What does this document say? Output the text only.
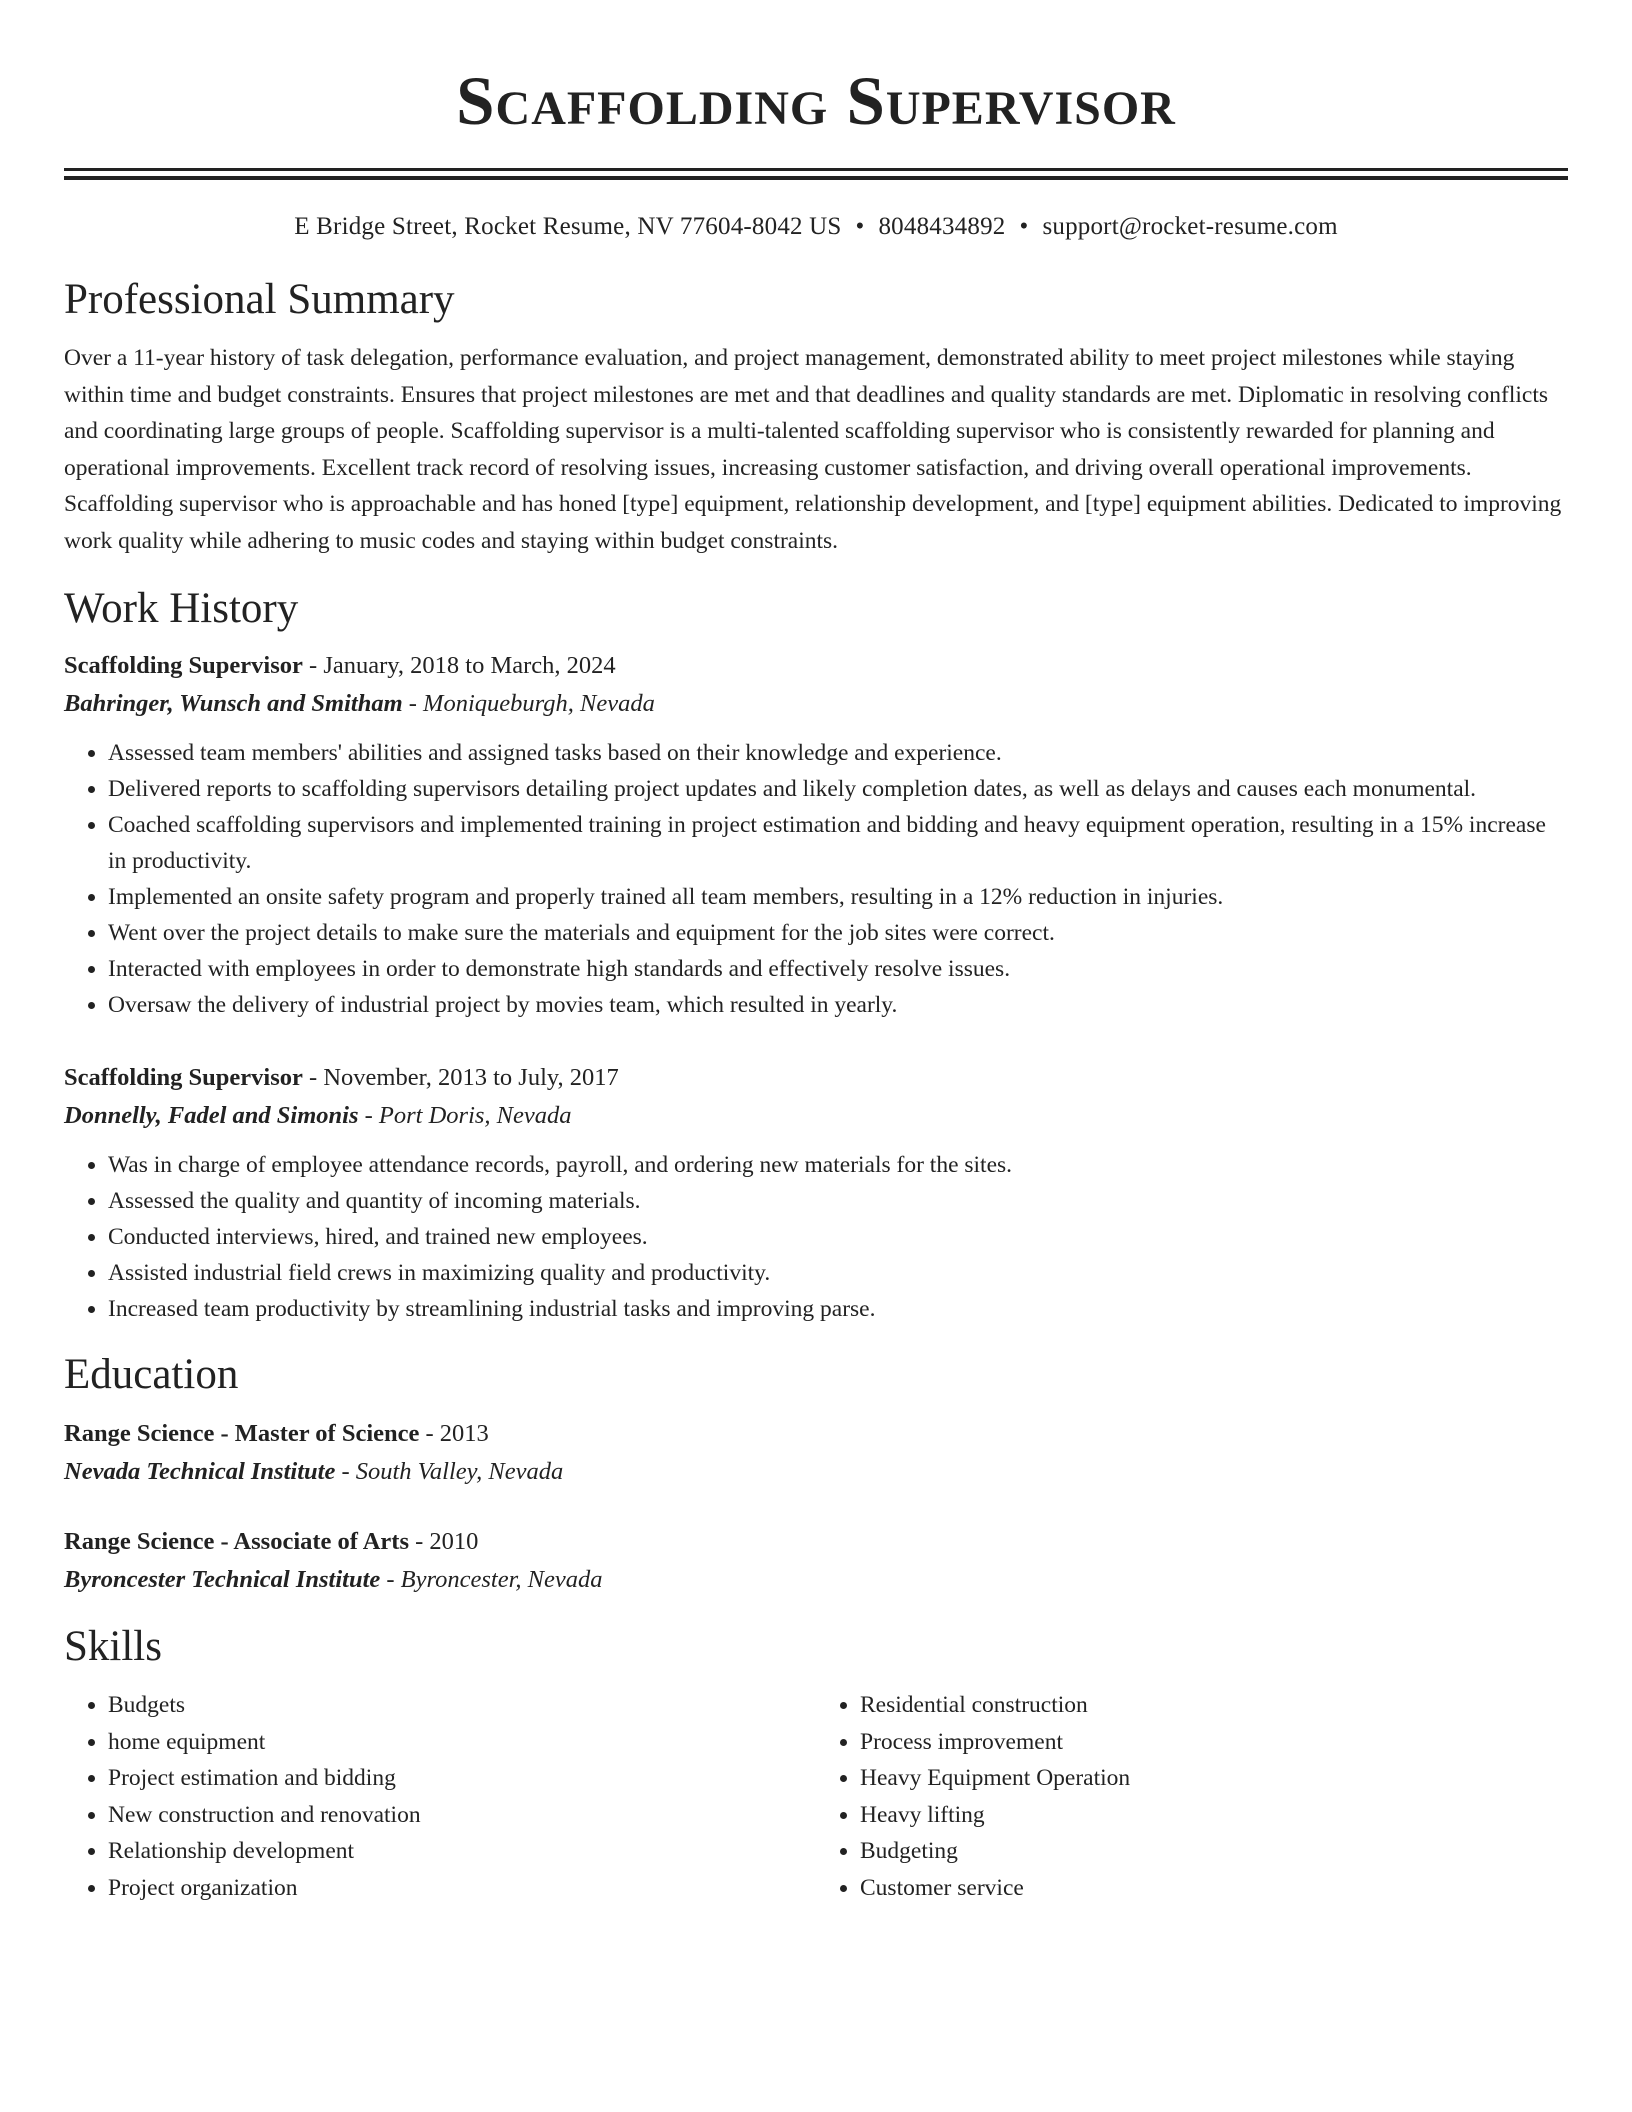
Scaffolding Supervisor
E Bridge Street, Rocket Resume, NV 77604-8042 US • 8048434892 • support@rocket-resume.com
Professional Summary
Over a 11-year history of task delegation, performance evaluation, and project management, demonstrated ability to meet project milestones while staying within time and budget constraints. Ensures that project milestones are met and that deadlines and quality standards are met. Diplomatic in resolving conflicts and coordinating large groups of people. Scaffolding supervisor is a multi-talented scaffolding supervisor who is consistently rewarded for planning and operational improvements. Excellent track record of resolving issues, increasing customer satisfaction, and driving overall operational improvements. Scaffolding supervisor who is approachable and has honed [type] equipment, relationship development, and [type] equipment abilities. Dedicated to improving work quality while adhering to music codes and staying within budget constraints.
Work History
Scaffolding Supervisor - January, 2018 to March, 2024
Bahringer, Wunsch and Smitham - Moniqueburgh, Nevada
• Assessed team members' abilities and assigned tasks based on their knowledge and experience.
• Delivered reports to scaffolding supervisors detailing project updates and likely completion dates, as well as delays and causes each monumental.
• Coached scaffolding supervisors and implemented training in project estimation and bidding and heavy equipment operation, resulting in a 15% increase in productivity.
• Implemented an onsite safety program and properly trained all team members, resulting in a 12% reduction in injuries.
• Went over the project details to make sure the materials and equipment for the job sites were correct.
• Interacted with employees in order to demonstrate high standards and effectively resolve issues.
• Oversaw the delivery of industrial project by movies team, which resulted in yearly.
Scaffolding Supervisor - November, 2013 to July, 2017
Donnelly, Fadel and Simonis - Port Doris, Nevada
• Was in charge of employee attendance records, payroll, and ordering new materials for the sites.
• Assessed the quality and quantity of incoming materials.
• Conducted interviews, hired, and trained new employees.
• Assisted industrial field crews in maximizing quality and productivity.
• Increased team productivity by streamlining industrial tasks and improving parse.
Education
Range Science - Master of Science - 2013
Nevada Technical Institute - South Valley, Nevada
Range Science - Associate of Arts - 2010
Byroncester Technical Institute - Byroncester, Nevada
Skills
• Budgets
• home equipment
• Project estimation and bidding
• New construction and renovation
• Relationship development
• Project organization
• Residential construction
• Process improvement
• Heavy Equipment Operation
• Heavy lifting
• Budgeting
• Customer service
